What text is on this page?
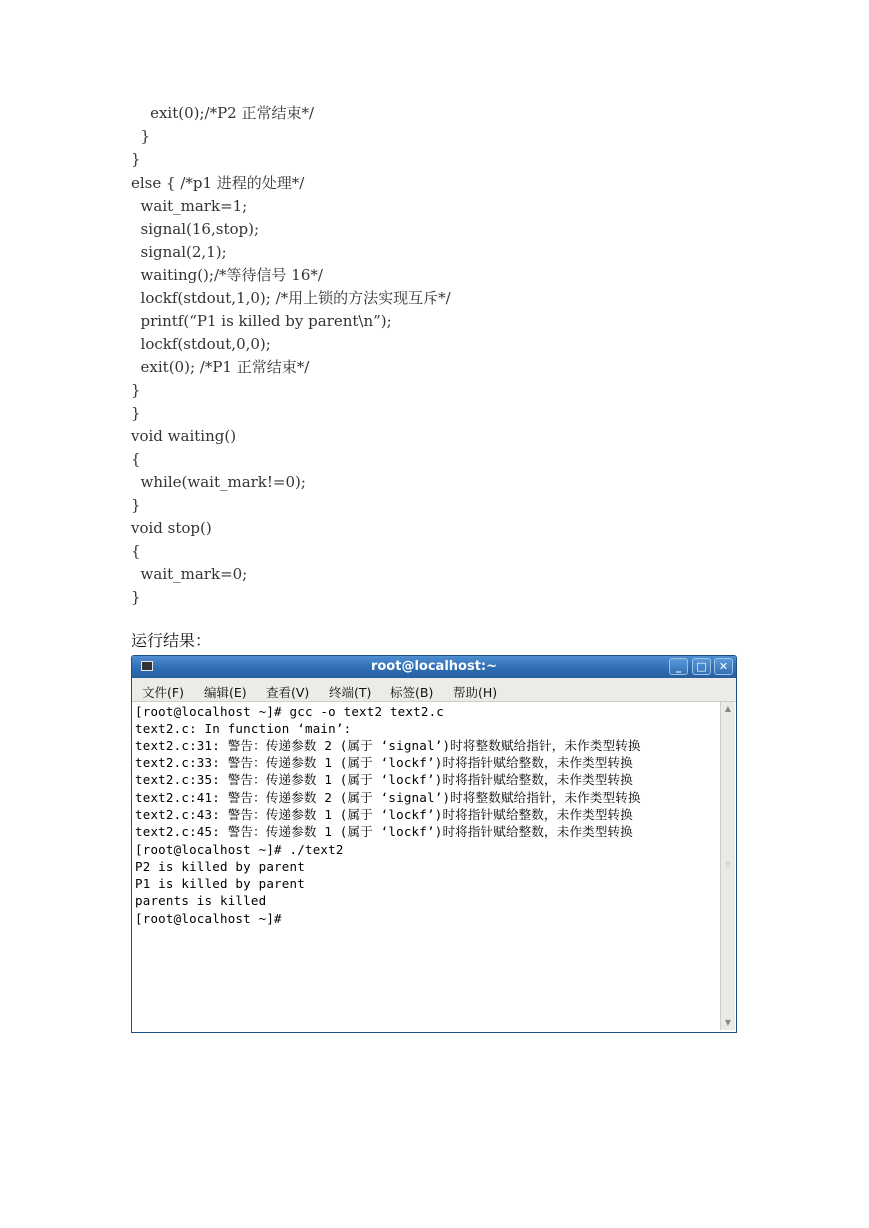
exit(0);/*P2 正常结束*/
}
}
else { /*p1 进程的处理*/
wait_mark=1;
signal(16,stop);
signal(2,1);
waiting();/*等待信号 16*/
lockf(stdout,1,0); /*用上锁的方法实现互斥*/
printf(“P1 is killed by parent\n”);
lockf(stdout,0,0);
exit(0); /*P1 正常结束*/
}
}
void waiting()
{
while(wait_mark!=0);
}
void stop()
{
wait_mark=0;
}
运行结果：
root@localhost:~	_	□	✕
文件(F) 编辑(E) 查看(V) 终端(T) 标签(B) 帮助(H)
[root@localhost ~]# gcc -o text2 text2.c
text2.c: In function ‘main’:
text2.c:31: 警告：传递参数 2 (属于 ‘signal’)时将整数赋给指针，未作类型转换
text2.c:33: 警告：传递参数 1 (属于 ‘lockf’)时将指针赋给整数，未作类型转换
text2.c:35: 警告：传递参数 1 (属于 ‘lockf’)时将指针赋给整数，未作类型转换
text2.c:41: 警告：传递参数 2 (属于 ‘signal’)时将整数赋给指针，未作类型转换
text2.c:43: 警告：传递参数 1 (属于 ‘lockf’)时将指针赋给整数，未作类型转换
text2.c:45: 警告：传递参数 1 (属于 ‘lockf’)时将指针赋给整数，未作类型转换
[root@localhost ~]# ./text2
P2 is killed by parent
P1 is killed by parent
parents is killed
[root@localhost ~]#
▲
⁞⁞
▼
